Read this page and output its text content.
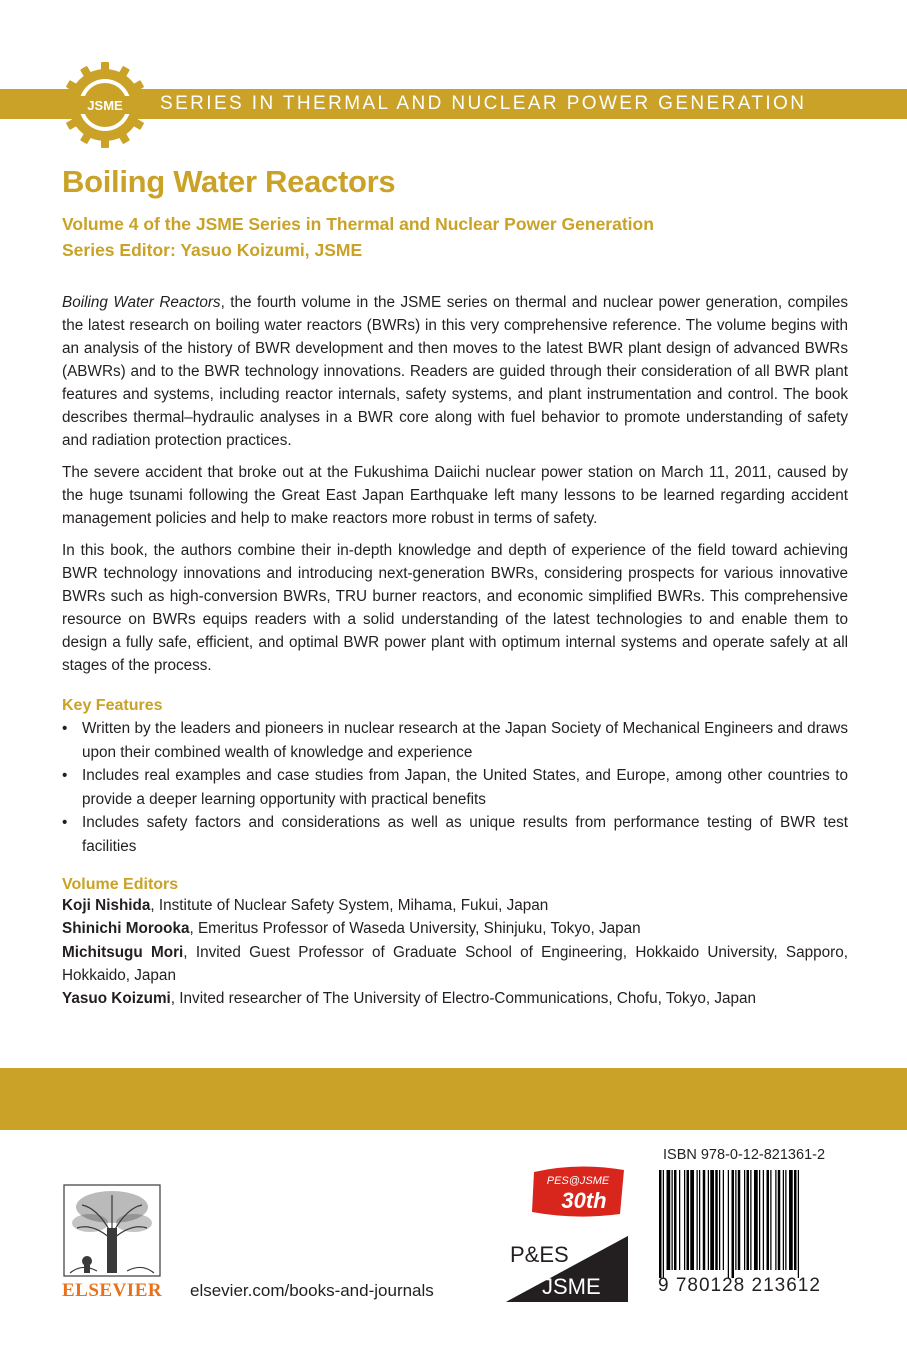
JSME SERIES IN THERMAL AND NUCLEAR POWER GENERATION
Boiling Water Reactors
Volume 4 of the JSME Series in Thermal and Nuclear Power Generation
Series Editor: Yasuo Koizumi, JSME

Boiling Water Reactors, the fourth volume in the JSME series on thermal and nuclear power generation, compiles the latest research on boiling water reactors (BWRs) in this very comprehensive reference. The volume begins with an analysis of the history of BWR development and then moves to the latest BWR plant design of advanced BWRs (ABWRs) and to the BWR technology innovations. Readers are guided through their consideration of all BWR plant features and systems, including reactor internals, safety systems, and plant instrumentation and control. The book describes thermal–hydraulic analyses in a BWR core along with fuel behavior to promote understanding of safety and radiation protection practices.

The severe accident that broke out at the Fukushima Daiichi nuclear power station on March 11, 2011, caused by the huge tsunami following the Great East Japan Earthquake left many lessons to be learned regarding accident management policies and help to make reactors more robust in terms of safety.

In this book, the authors combine their in-depth knowledge and depth of experience of the field toward achieving BWR technology innovations and introducing next-generation BWRs, considering prospects for various innovative BWRs such as high-conversion BWRs, TRU burner reactors, and economic simplified BWRs. This comprehensive resource on BWRs equips readers with a solid understanding of the latest technologies to and enable them to design a fully safe, efficient, and optimal BWR power plant with optimum internal systems and operate safely at all stages of the process.

Key Features
• Written by the leaders and pioneers in nuclear research at the Japan Society of Mechanical Engineers and draws upon their combined wealth of knowledge and experience
• Includes real examples and case studies from Japan, the United States, and Europe, among other countries to provide a deeper learning opportunity with practical benefits
• Includes safety factors and considerations as well as unique results from performance testing of BWR test facilities
Volume Editors
Koji Nishida, Institute of Nuclear Safety System, Mihama, Fukui, Japan
Shinichi Morooka, Emeritus Professor of Waseda University, Shinjuku, Tokyo, Japan
Michitsugu Mori, Invited Guest Professor of Graduate School of Engineering, Hokkaido University, Sapporo, Hokkaido, Japan
Yasuo Koizumi, Invited researcher of The University of Electro-Communications, Chofu, Tokyo, Japan
ELSEVIER elsevier.com/books-and-journals
PES@JSME
30th
P&ES
JSME
ISBN 978-0-12-821361-2
9 780128 213612
